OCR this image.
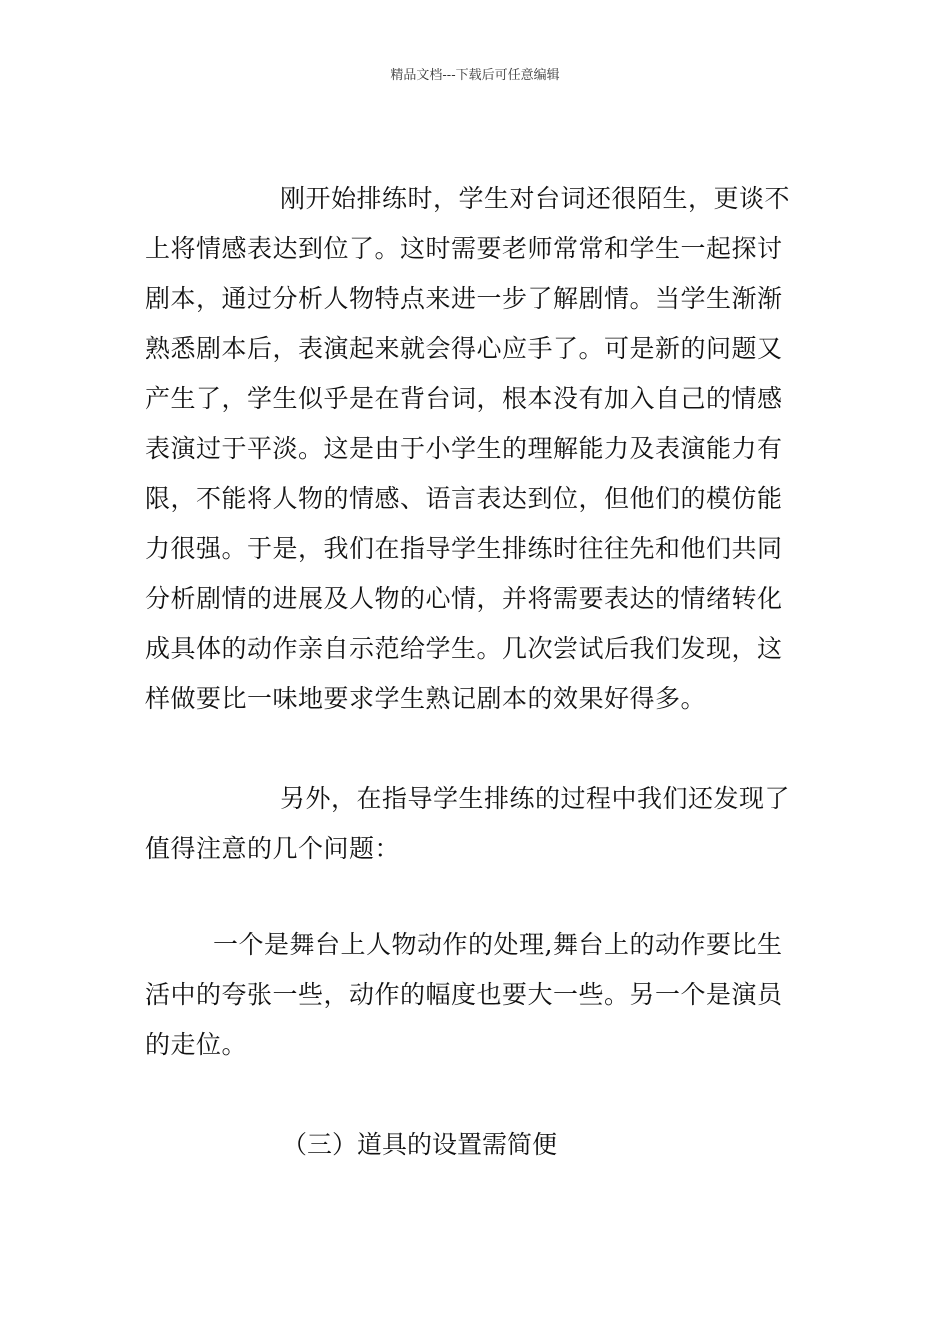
精品文档---下载后可任意编辑
刚开始排练时，学生对台词还很陌生，更谈不
上将情感表达到位了。这时需要老师常常和学生一起探讨
剧本，通过分析人物特点来进一步了解剧情。当学生渐渐
熟悉剧本后，表演起来就会得心应手了。可是新的问题又
产生了，学生似乎是在背台词，根本没有加入自己的情感
表演过于平淡。这是由于小学生的理解能力及表演能力有
限，不能将人物的情感、语言表达到位，但他们的模仿能
力很强。于是，我们在指导学生排练时往往先和他们共同
分析剧情的进展及人物的心情，并将需要表达的情绪转化
成具体的动作亲自示范给学生。几次尝试后我们发现，这
样做要比一味地要求学生熟记剧本的效果好得多。
另外，在指导学生排练的过程中我们还发现了
值得注意的几个问题：
一个是舞台上人物动作的处理,舞台上的动作要比生
活中的夸张一些，动作的幅度也要大一些。另一个是演员
的走位。
（三）道具的设置需简便
